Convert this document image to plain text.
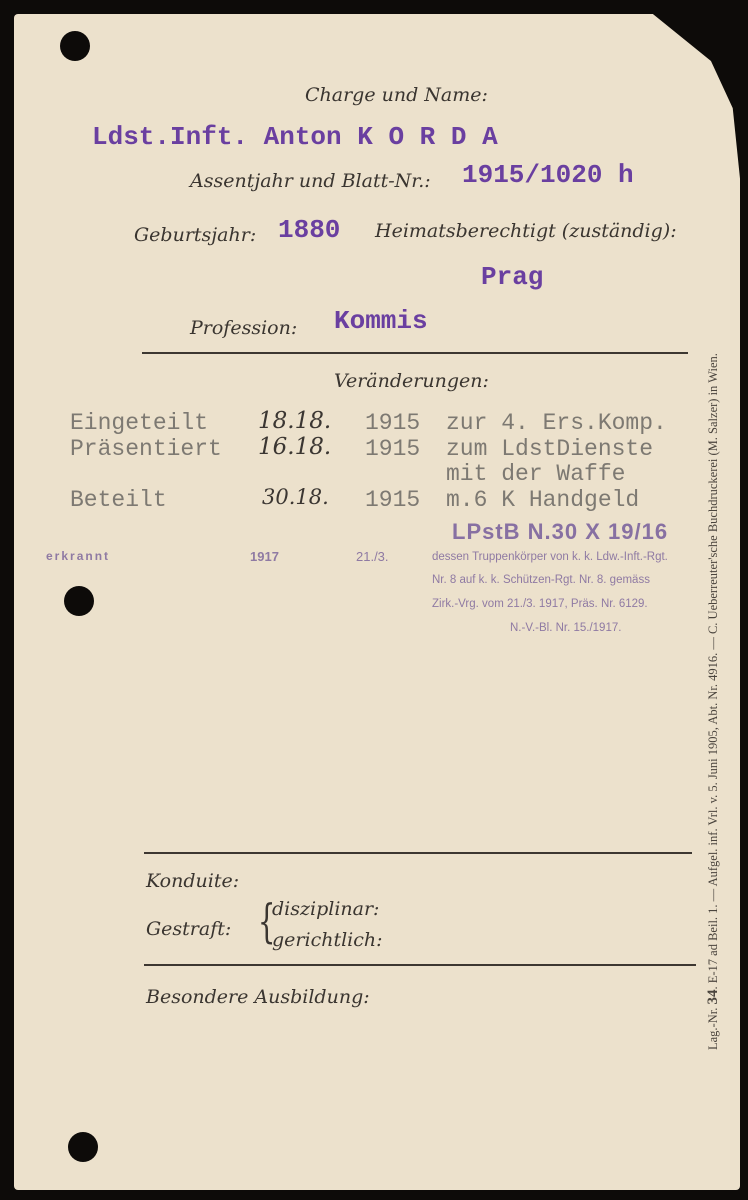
Charge und Name:
Ldst.Inft. Anton K O R D A
Assentjahr und Blatt-Nr.: 1915/1020 h
Geburtsjahr: 1880 Heimatsberechtigt (zuständig):
Prag
Profession: Kommis
Veränderungen:
Eingeteilt 18.18. 1915 zur 4. Ers.Komp.
Präsentiert 16.18. 1915 zum LdstDienste
mit der Waffe
Beteilt	30.18. 1915 m.6 K Handgeld
LPstB N.30 X 19/16
erkrannt	1917	21./3.	dessen Truppenkörper von k. k. Ldw.-Inft.-Rgt.
Nr. 8 auf k. k. Schützen-Rgt. Nr. 8. gemäss
Zirk.-Vrg. vom 21./3. 1917, Präs. Nr. 6129.
N.-V.-Bl. Nr. 15./1917.
Konduite:
Gestraft: {
disziplinar:
gerichtlich:
Besondere Ausbildung:
Lag.-Nr. 34. E-17 ad Beil. 1. — Aufgel. inf. Vrl. v. 5. Juni 1905, Abt. Nr. 4916. — C. Ueberreuter'sche Buchdruckerei (M. Salzer) in Wien.
